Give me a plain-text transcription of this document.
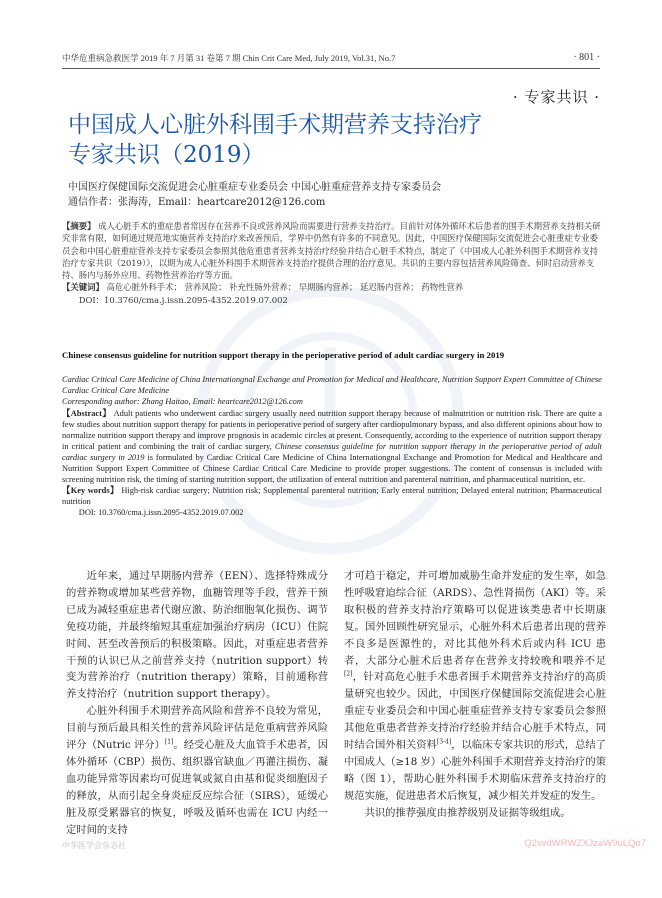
中华危重病急救医学 2019 年 7 月第 31 卷第 7 期 Chin Crit Care Med, July 2019, Vol.31, No.7	· 801 ·
· 专家共识 ·
中国成人心脏外科围手术期营养支持治疗
专家共识（2019）
中国医疗保健国际交流促进会心脏重症专业委员会 中国心脏重症营养支持专家委员会
通信作者：张海涛，Email：heartcare2012@126.com
【摘要】 成人心脏手术的重症患者常因存在营养不良或营养风险而需要进行营养支持治疗。目前针对体外循环术后患者的围手术期营养支持相关研究非常有限，如何通过规范地实施营养支持治疗来改善预后，学界中仍然有许多的不同意见。因此，中国医疗保健国际交流促进会心脏重症专业委员会和中国心脏重症营养支持专家委员会参照其他危重患者营养支持治疗经验并结合心脏手术特点，制定了《中国成人心脏外科围手术期营养支持治疗专家共识（2019）》，以期为成人心脏外科围手术期营养支持治疗提供合理的治疗意见。共识的主要内容包括营养风险筛查、何时启动营养支持、肠内与肠外应用、药物性营养治疗等方面。
【关键词】 高危心脏外科手术； 营养风险； 补充性肠外营养； 早期肠内营养； 延迟肠内营养； 药物性营养
DOI：10.3760/cma.j.issn.2095-4352.2019.07.002
Chinese consensus guideline for nutrition support therapy in the perioperative period of adult cardiac surgery in 2019
Cardiac Critical Care Medicine of China Internationgnal Exchange and Promotion for Medical and Healthcare, Nutrition Support Expert Committee of Chinese Cardiac Critical Care Medicine
Corresponding author: Zhang Haitao, Email: heartcare2012@126.com
【Abstract】 Adult patients who underwent cardiac surgery usually need nutrition support therapy because of malnutrition or nutrition risk. There are quite a few studies about nutrition support therapy for patients in perioperative period of surgery after cardiopulmonary bypass, and also different opinions about how to normalize nutrition support therapy and improve prognosis in academic circles at present. Consequently, according to the experience of nutrition support therapy in critical patient and combining the trait of cardiac surgery, Chinese consensus guideline for nutrition support therapy in the perioperative period of adult cardiac surgery in 2019 is formulated by Cardiac Critical Care Medicine of China Internationgnal Exchange and Promotion for Medical and Healthcare and Nutrition Support Expert Committee of Chinese Cardiac Critical Care Medicine to provide proper suggestions. The content of consensus is included with screening nutrition risk, the timing of starting nutrition support, the utilization of enteral nutrition and parenteral nutrition, and pharmaceutical nutrition, etc.
【Key words】 High-risk cardiac surgery; Nutrition risk; Supplemental parenteral nutrition; Early enteral nutrition; Delayed enteral nutrition; Pharmaceutical nutrition
DOI: 10.3760/cma.j.issn.2095-4352.2019.07.002

近年来，通过早期肠内营养（EEN）、选择特殊成分的营养物或增加某些营养物，血糖管理等手段，营养干预已成为减轻重症患者代谢应激、防治细胞氧化损伤、调节免疫功能，并最终缩短其重症加强治疗病房（ICU）住院时间、甚至改善预后的积极策略。因此，对重症患者营养干预的认识已从之前营养支持（nutrition support）转变为营养治疗（nutrition therapy）策略，目前通称营养支持治疗（nutrition support therapy）。

心脏外科围手术期营养高风险和营养不良较为常见，目前与预后最具相关性的营养风险评估是危重病营养风险评分（Nutric 评分）[1]。经受心脏及大血管手术患者，因体外循环（CBP）损伤、组织器官缺血／再灌注损伤、凝血功能异常等因素均可促进氧或氮自由基和促炎细胞因子的释放，从而引起全身炎症反应综合征（SIRS），延缓心脏及原受累器官的恢复，呼吸及循环也需在 ICU 内经一定时间的支持

才可趋于稳定，并可增加威胁生命并发症的发生率，如急性呼吸窘迫综合征（ARDS）、急性肾损伤（AKI）等。采取积极的营养支持治疗策略可以促进该类患者中长期康复。国外回顾性研究显示，心脏外科术后患者出现的营养不良多是医源性的，对比其他外科术后或内科 ICU 患者，大部分心脏术后患者存在营养支持较晚和喂养不足[2]，针对高危心脏手术患者围手术期营养支持治疗的高质量研究也较少。因此，中国医疗保健国际交流促进会心脏重症专业委员会和中国心脏重症营养支持专家委员会参照其他危重患者营养支持治疗经验并结合心脏手术特点，同时结合国外相关资料[3-4]，以临床专家共识的形式，总结了中国成人（≥18 岁）心脏外科围手术期营养支持治疗的策略（图 1），帮助心脏外科围手术期临床营养支持治疗的规范实施，促进患者术后恢复，减少相关并发症的发生。

共识的推荐强度由推荐级别及证据等级组成。

中华医学会杂志社	Q2xvdWRWZXJzaW9uLQo7
